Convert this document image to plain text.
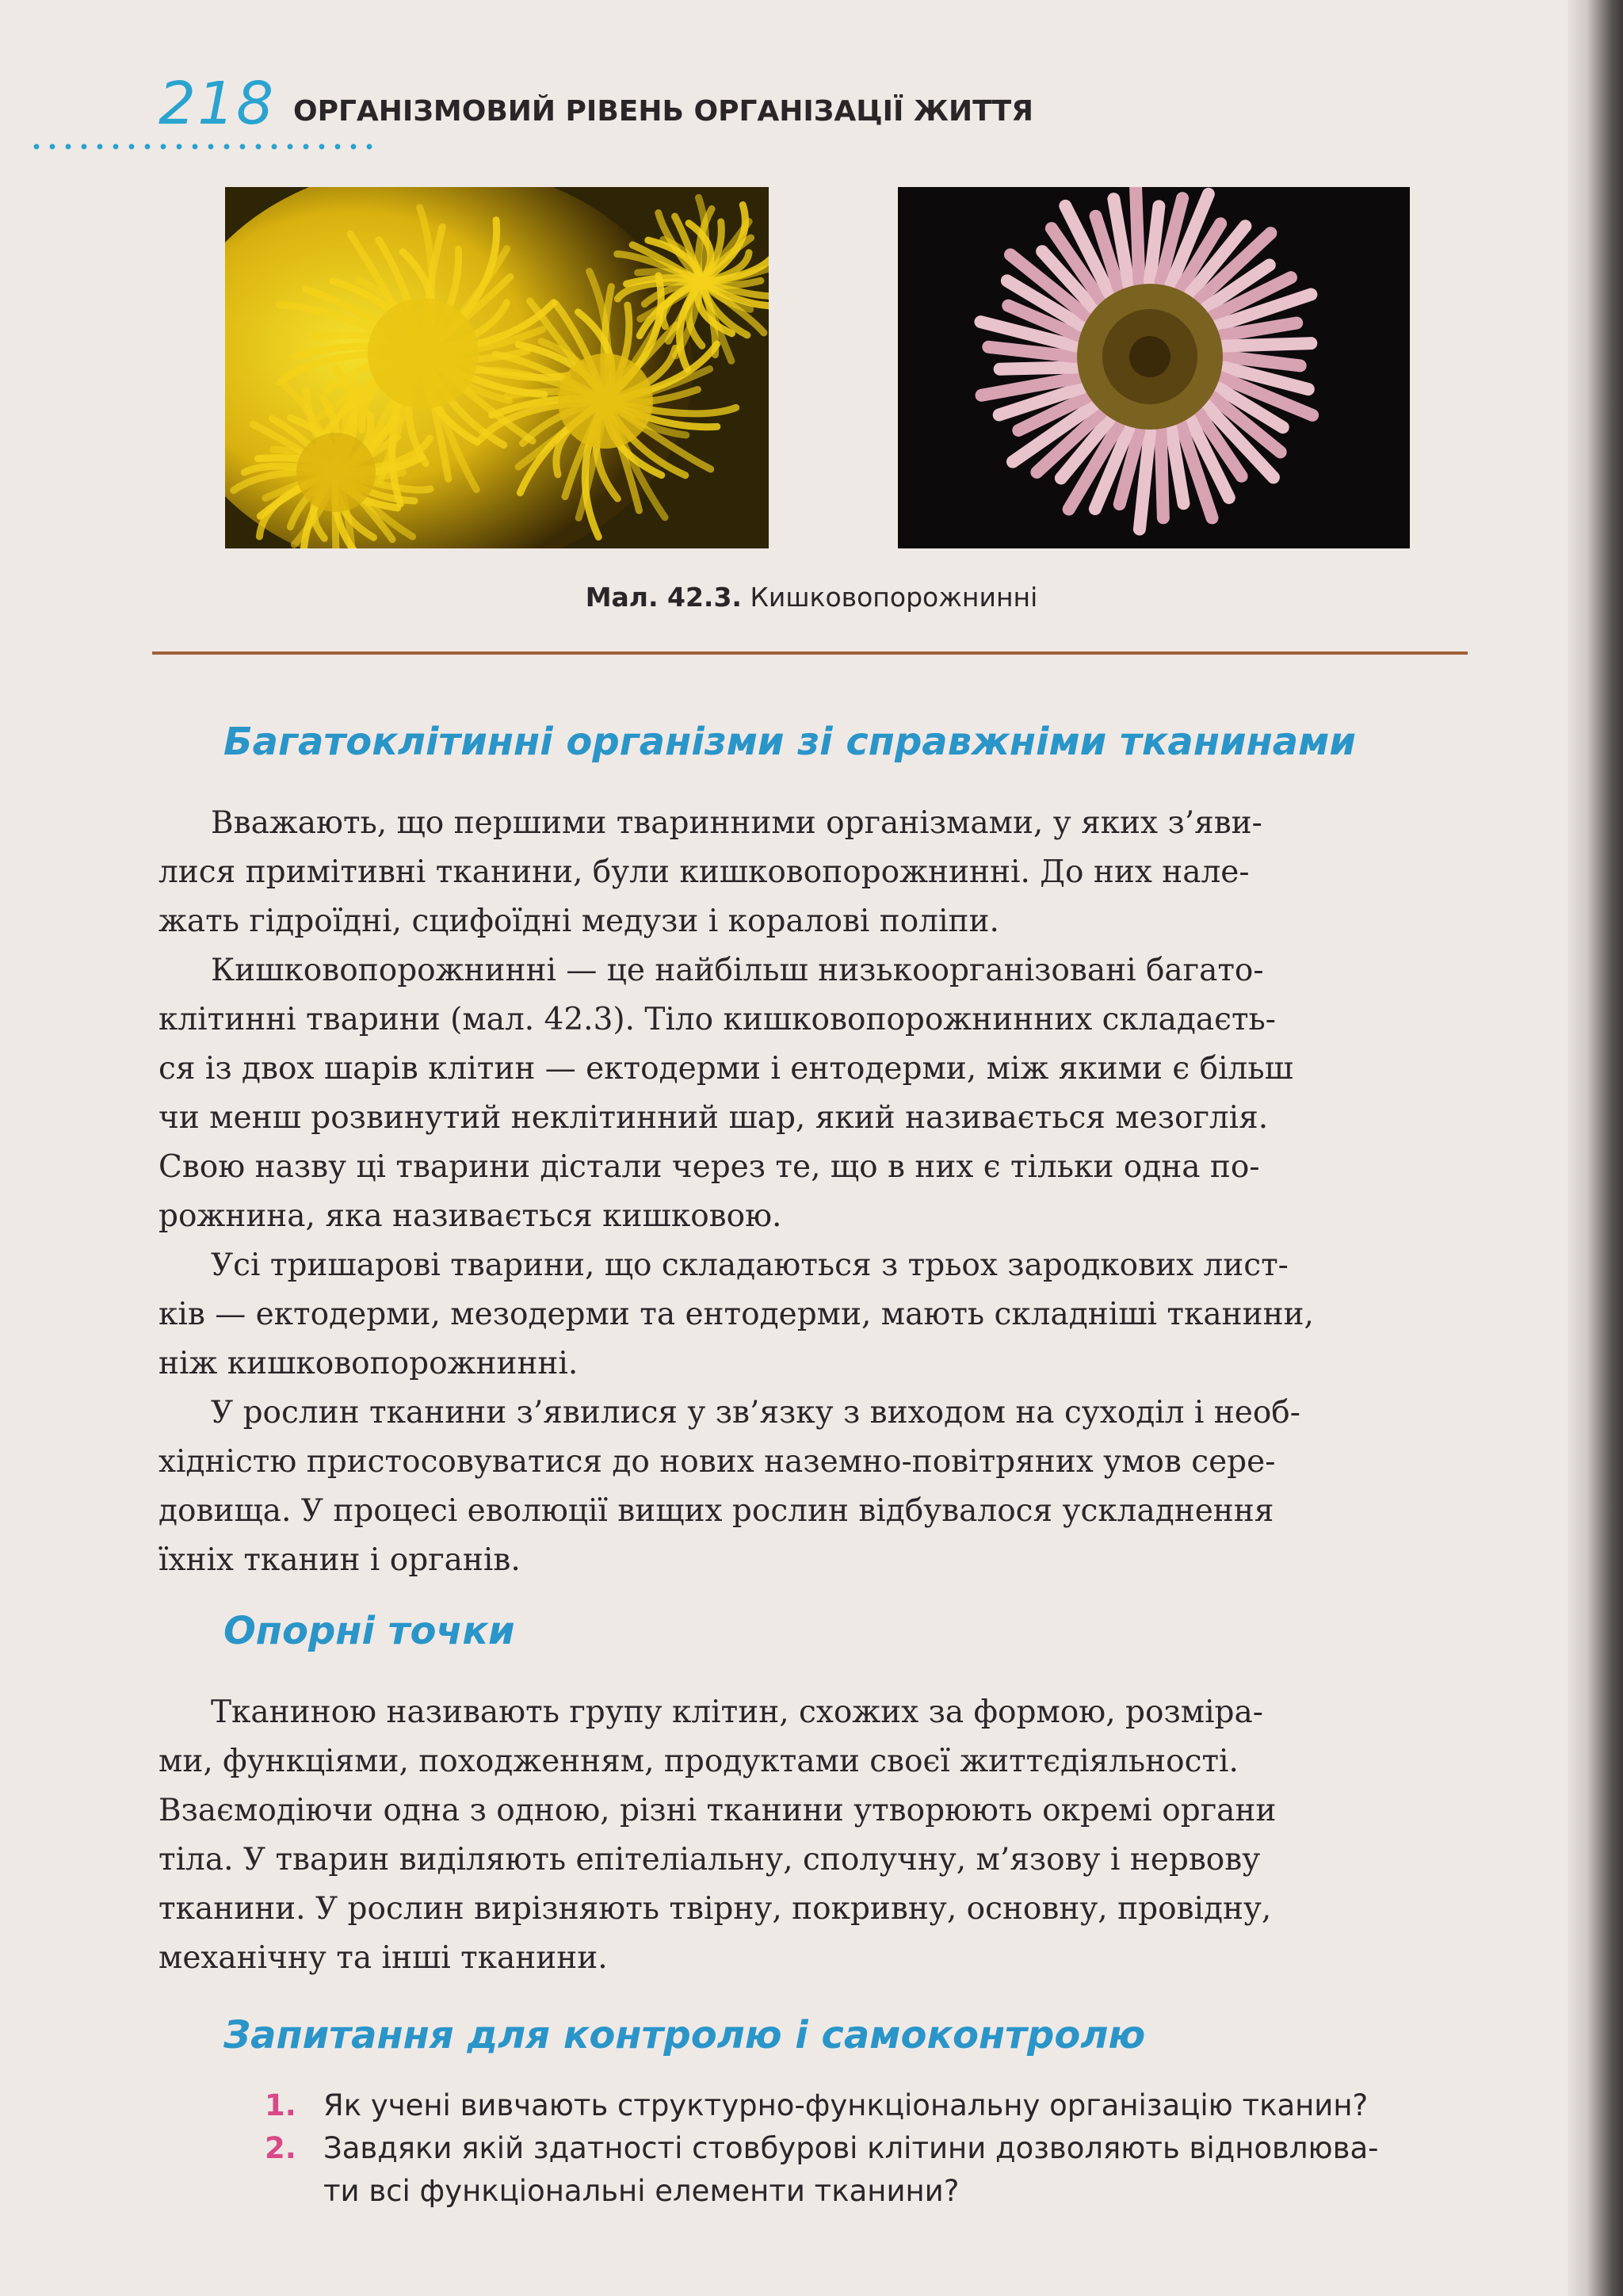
218 ОРГАНІЗМОВИЙ РІВЕНЬ ОРГАНІЗАЦІЇ ЖИТТЯ
Мал. 42.3. Кишковопорожнинні
Багатоклітинні організми зі справжніми тканинами

Вважають, що першими тваринними організмами, у яких з’яви-
лися примітивні тканини, були кишковопорожнинні. До них нале-
жать гідроїдні, сцифоїдні медузи і коралові поліпи.

Кишковопорожнинні — це найбільш низькоорганізовані багато-
клітинні тварини (мал. 42.3). Тіло кишковопорожнинних складаєть-
ся із двох шарів клітин — ектодерми і ентодерми, між якими є більш
чи менш розвинутий неклітинний шар, який називається мезоглія.
Свою назву ці тварини дістали через те, що в них є тільки одна по-
рожнина, яка називається кишковою.

Усі тришарові тварини, що складаються з трьох зародкових лист-
ків — ектодерми, мезодерми та ентодерми, мають складніші тканини,
ніж кишковопорожнинні.

У рослин тканини з’явилися у зв’язку з виходом на суходіл і необ-
хідністю пристосовуватися до нових наземно-повітряних умов сере-
довища. У процесі еволюції вищих рослин відбувалося ускладнення
їхніх тканин і органів.

Опорні точки

Тканиною називають групу клітин, схожих за формою, розміра-
ми, функціями, походженням, продуктами своєї життєдіяльності.
Взаємодіючи одна з одною, різні тканини утворюють окремі органи
тіла. У тварин виділяють епітеліальну, сполучну, м’язову і нервову
тканини. У рослин вирізняють твірну, покривну, основну, провідну,
механічну та інші тканини.

Запитання для контролю і самоконтролю
1. Як учені вивчають структурно-функціональну організацію тканин?
2. Завдяки якій здатності стовбурові клітини дозволяють відновлюва-
ти всі функціональні елементи тканини?
